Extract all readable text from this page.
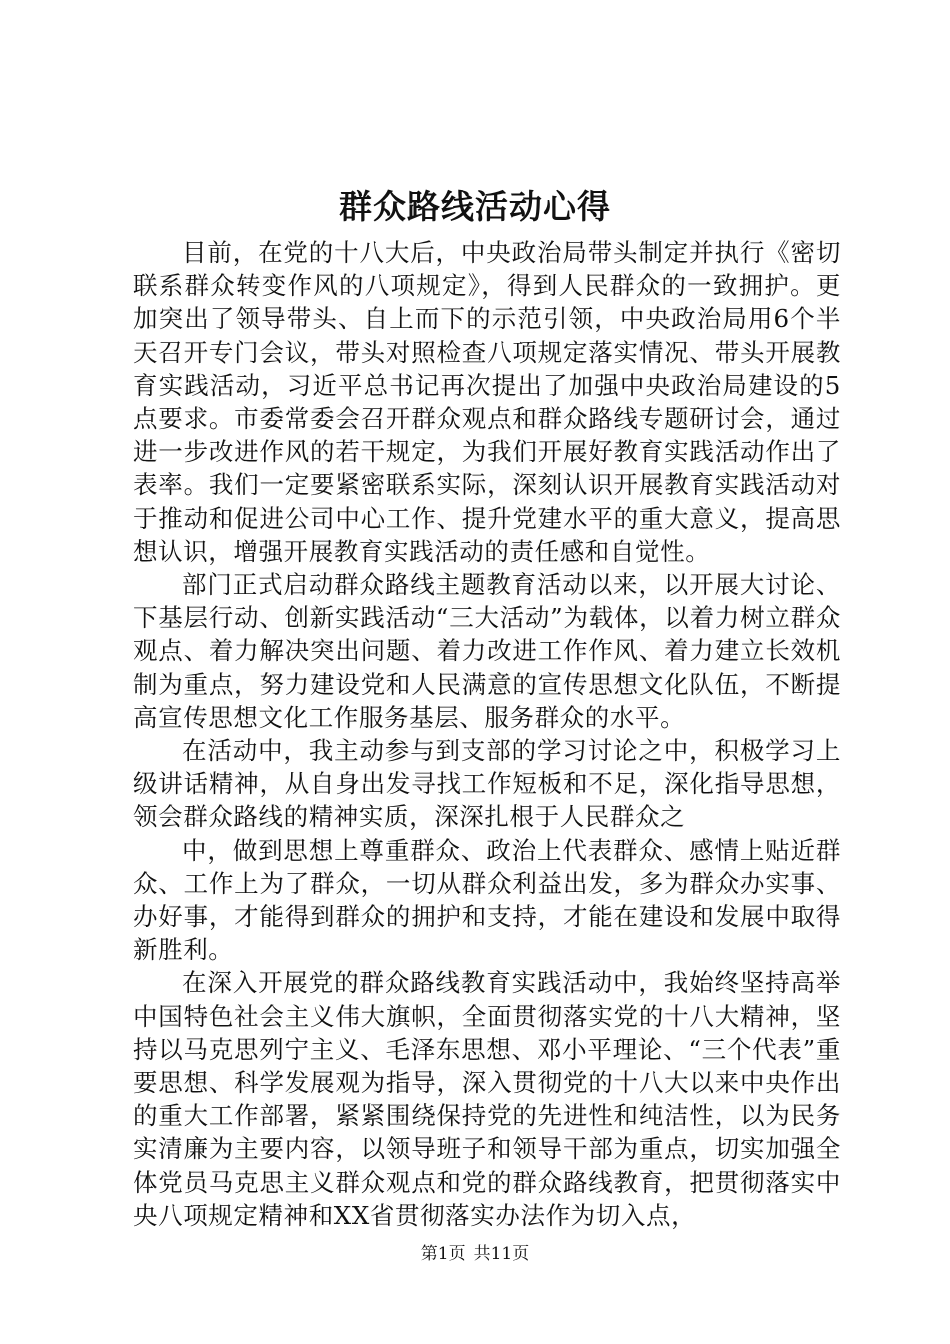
群众路线活动心得

目前，在党的十八大后，中央政治局带头制定并执行《密切联系群众转变作风的八项规定》，得到人民群众的一致拥护。更加突出了领导带头、自上而下的示范引领，中央政治局用6个半天召开专门会议，带头对照检查八项规定落实情况、带头开展教育实践活动，习近平总书记再次提出了加强中央政治局建设的5点要求。市委常委会召开群众观点和群众路线专题研讨会，通过进一步改进作风的若干规定，为我们开展好教育实践活动作出了表率。我们一定要紧密联系实际，深刻认识开展教育实践活动对于推动和促进公司中心工作、提升党建水平的重大意义，提高思想认识，增强开展教育实践活动的责任感和自觉性。

部门正式启动群众路线主题教育活动以来，以开展大讨论、下基层行动、创新实践活动“三大活动”为载体，以着力树立群众观点、着力解决突出问题、着力改进工作作风、着力建立长效机制为重点，努力建设党和人民满意的宣传思想文化队伍，不断提高宣传思想文化工作服务基层、服务群众的水平。

在活动中，我主动参与到支部的学习讨论之中，积极学习上级讲话精神，从自身出发寻找工作短板和不足，深化指导思想，领会群众路线的精神实质，深深扎根于人民群众之

中，做到思想上尊重群众、政治上代表群众、感情上贴近群众、工作上为了群众，一切从群众利益出发，多为群众办实事、办好事，才能得到群众的拥护和支持，才能在建设和发展中取得新胜利。

在深入开展党的群众路线教育实践活动中，我始终坚持高举中国特色社会主义伟大旗帜，全面贯彻落实党的十八大精神，坚持以马克思列宁主义、毛泽东思想、邓小平理论、“三个代表”重要思想、科学发展观为指导，深入贯彻党的十八大以来中央作出的重大工作部署，紧紧围绕保持党的先进性和纯洁性，以为民务实清廉为主要内容，以领导班子和领导干部为重点，切实加强全体党员马克思主义群众观点和党的群众路线教育，把贯彻落实中央八项规定精神和XX省贯彻落实办法作为切入点，

第1页 共11页
